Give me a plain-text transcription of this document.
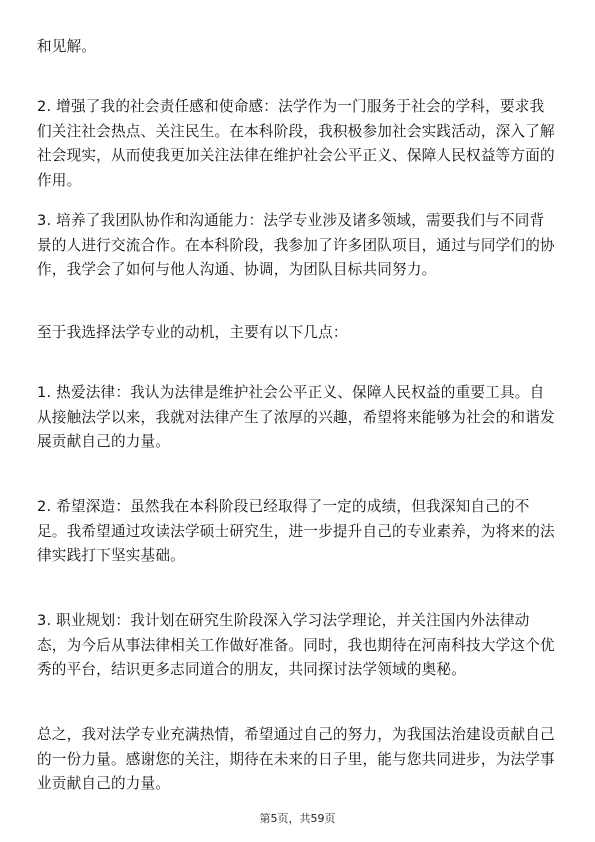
和见解。

2. 增强了我的社会责任感和使命感：法学作为一门服务于社会的学科，要求我们关注社会热点、关注民生。在本科阶段，我积极参加社会实践活动，深入了解社会现实，从而使我更加关注法律在维护社会公平正义、保障人民权益等方面的作用。

3. 培养了我团队协作和沟通能力：法学专业涉及诸多领域，需要我们与不同背景的人进行交流合作。在本科阶段，我参加了许多团队项目，通过与同学们的协作，我学会了如何与他人沟通、协调，为团队目标共同努力。

至于我选择法学专业的动机，主要有以下几点：

1. 热爱法律：我认为法律是维护社会公平正义、保障人民权益的重要工具。自从接触法学以来，我就对法律产生了浓厚的兴趣，希望将来能够为社会的和谐发展贡献自己的力量。

2. 希望深造：虽然我在本科阶段已经取得了一定的成绩，但我深知自己的不足。我希望通过攻读法学硕士研究生，进一步提升自己的专业素养，为将来的法律实践打下坚实基础。

3. 职业规划：我计划在研究生阶段深入学习法学理论，并关注国内外法律动态，为今后从事法律相关工作做好准备。同时，我也期待在河南科技大学这个优秀的平台，结识更多志同道合的朋友，共同探讨法学领域的奥秘。

总之，我对法学专业充满热情，希望通过自己的努力，为我国法治建设贡献自己的一份力量。感谢您的关注，期待在未来的日子里，能与您共同进步，为法学事业贡献自己的力量。

第5页，共59页
